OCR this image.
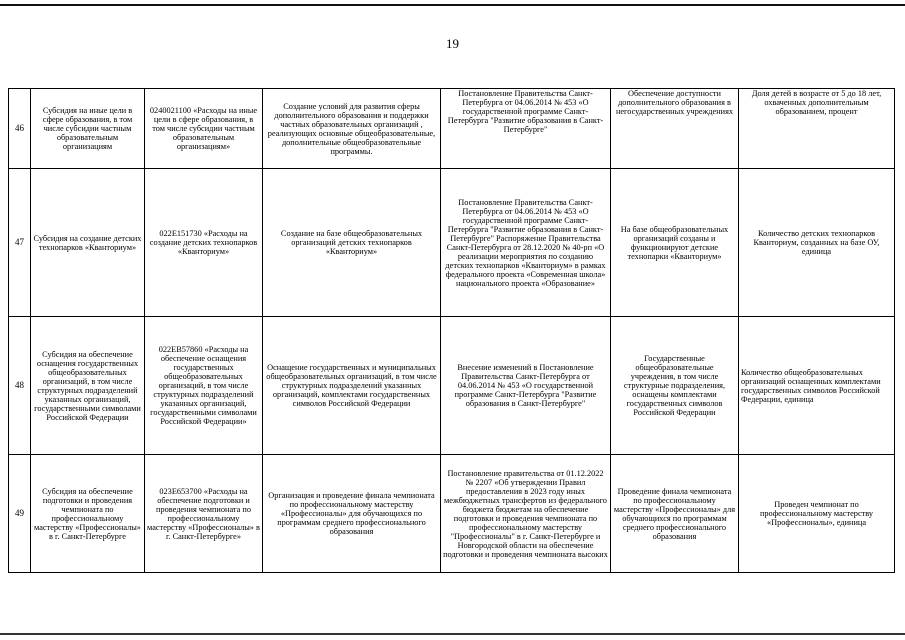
19
46	Субсидия на иные цели в сфере образования, в том числе субсидии частным образовательным организациям	0240021100 «Расходы на иные цели в сфере образования, в том числе субсидии частным образовательным организациям»	Создание условий для развития сферы дополнительного образования и поддержки частных образовательных организаций , реализующих основные общеобразовательные, дополнительные общеобразовательные программы.	Постановление Правительства Санкт-Петербурга от 04.06.2014 № 453 «О государственной программе Санкт-Петербурга "Развитие образования в Санкт-Петербурге"	Обеспечение доступности дополнительного образования в негосударственных учреждениях	Доля детей в возрасте от 5 до 18 лет, охваченных дополнительным образованием, процент
47	Субсидия на создание детских технопарков «Кванториум»	022E151730 «Расходы на создание детских технопарков «Кванториум»	Создание на базе общеобразовательных организаций детских технопарков «Кванториум»	Постановление Правительства Санкт-Петербурга от 04.06.2014 № 453 «О государственной программе Санкт-Петербурга "Развитие образования в Санкт-Петербурге" Распоряжение Правительства Санкт-Петербурга от 28.12.2020 № 40-рп «О реализации мероприятия по созданию детских технопарков «Кванториум» в рамках федерального проекта «Современная школа» национального проекта «Образование»	На базе общеобразовательных организаций созданы и функционируют детские технопарки «Кванториум»	Количество детских технопарков Кванториум, созданных на базе ОУ, единица
48	Субсидия на обеспечение оснащения государственных общеобразовательных организаций, в том числе структурных подразделений указанных организаций, государственными символами Российской Федерации	022EB57860 «Расходы на обеспечение оснащения государственных общеобразовательных организаций, в том числе структурных подразделений указанных организаций, государственными символами Российской Федерации»	Оснащение государственных и муниципальных общеобразовательных организаций, в том числе структурных подразделений указанных организаций, комплектами государственных символов Российской Федерации	Внесение изменений в Постановление Правительства Санкт-Петербурга от 04.06.2014 № 453 «О государственной программе Санкт-Петербурга "Развитие образования в Санкт-Петербурге"	Государственные общеобразовательные учреждения, в том числе структурные подразделения, оснащены комплектами государственных символов Российской Федерации	Количество общеобразовательных организаций оснащенных комплектами государственных символов Российской Федерации, единица
49	Субсидия на обеспечение подготовки и проведения чемпионата по профессиональному мастерству «Профессионалы» в г. Санкт-Петербурге	023E653700 «Расходы на обеспечение подготовки и проведения чемпионата по профессиональному мастерству «Профессионалы» в г. Санкт-Петербурге»	Организация и проведение финала чемпионата по профессиональному мастерству «Профессионалы» для обучающихся по программам среднего профессионального образования	Постановление правительства от 01.12.2022 № 2207 «Об утверждении Правил предоставления в 2023 году иных межбюджетных трансфертов из федерального бюджета бюджетам на обеспечение подготовки и проведения чемпионата по профессиональному мастерству "Профессионалы" в г. Санкт-Петербурге и Новгородской области на обеспечение подготовки и проведения чемпионата высоких	Проведение финала чемпионата по профессиональному мастерству «Профессионалы» для обучающихся по программам среднего профессионального образования	Проведен чемпионат по профессиональному мастерству «Профессионалы», единица
